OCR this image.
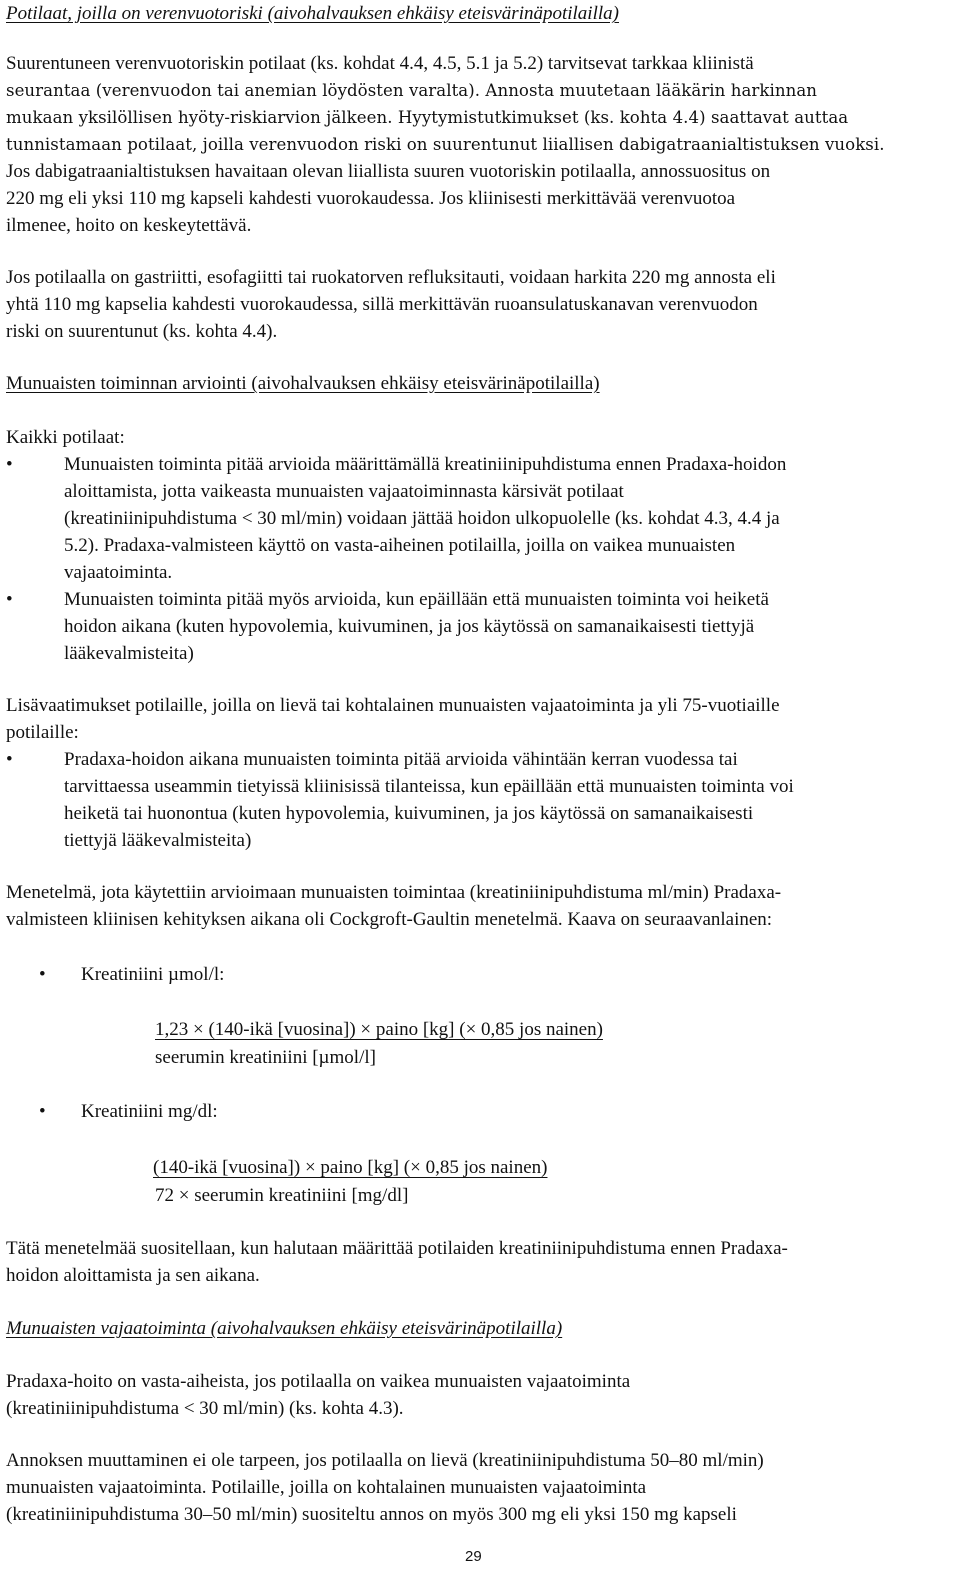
Potilaat, joilla on verenvuotoriski (aivohalvauksen ehkäisy eteisvärinäpotilailla)
Suurentuneen verenvuotoriskin potilaat (ks. kohdat 4.4, 4.5, 5.1 ja 5.2) tarvitsevat tarkkaa kliinistä
seurantaa (verenvuodon tai anemian löydösten varalta). Annosta muutetaan lääkärin harkinnan
mukaan yksilöllisen hyöty-riskiarvion jälkeen. Hyytymistutkimukset (ks. kohta 4.4) saattavat auttaa
tunnistamaan potilaat, joilla verenvuodon riski on suurentunut liiallisen dabigatraanialtistuksen vuoksi.
Jos dabigatraanialtistuksen havaitaan olevan liiallista suuren vuotoriskin potilaalla, annossuositus on
220 mg eli yksi 110 mg kapseli kahdesti vuorokaudessa. Jos kliinisesti merkittävää verenvuotoa
ilmenee, hoito on keskeytettävä.
Jos potilaalla on gastriitti, esofagiitti tai ruokatorven refluksitauti, voidaan harkita 220 mg annosta eli
yhtä 110 mg kapselia kahdesti vuorokaudessa, sillä merkittävän ruoansulatuskanavan verenvuodon
riski on suurentunut (ks. kohta 4.4).
Munuaisten toiminnan arviointi (aivohalvauksen ehkäisy eteisvärinäpotilailla)
Kaikki potilaat:
Munuaisten toiminta pitää arvioida määrittämällä kreatiniinipuhdistuma ennen Pradaxa-hoidon
aloittamista, jotta vaikeasta munuaisten vajaatoiminnasta kärsivät potilaat
(kreatiniinipuhdistuma < 30 ml/min) voidaan jättää hoidon ulkopuolelle (ks. kohdat 4.3, 4.4 ja
5.2). Pradaxa-valmisteen käyttö on vasta-aiheinen potilailla, joilla on vaikea munuaisten
vajaatoiminta.
Munuaisten toiminta pitää myös arvioida, kun epäillään että munuaisten toiminta voi heiketä
hoidon aikana (kuten hypovolemia, kuivuminen, ja jos käytössä on samanaikaisesti tiettyjä
lääkevalmisteita)
Lisävaatimukset potilaille, joilla on lievä tai kohtalainen munuaisten vajaatoiminta ja yli 75-vuotiaille
potilaille:
Pradaxa-hoidon aikana munuaisten toiminta pitää arvioida vähintään kerran vuodessa tai
tarvittaessa useammin tietyissä kliinisissä tilanteissa, kun epäillään että munuaisten toiminta voi
heiketä tai huonontua (kuten hypovolemia, kuivuminen, ja jos käytössä on samanaikaisesti
tiettyjä lääkevalmisteita)
Menetelmä, jota käytettiin arvioimaan munuaisten toimintaa (kreatiniinipuhdistuma ml/min) Pradaxa-
valmisteen kliinisen kehityksen aikana oli Cockgroft-Gaultin menetelmä. Kaava on seuraavanlainen:
Kreatiniini µmol/l:
1,23 × (140-ikä [vuosina]) × paino [kg] (× 0,85 jos nainen)
seerumin kreatiniini [µmol/l]
Kreatiniini mg/dl:
(140-ikä [vuosina]) × paino [kg] (× 0,85 jos nainen)
72 × seerumin kreatiniini [mg/dl]
Tätä menetelmää suositellaan, kun halutaan määrittää potilaiden kreatiniinipuhdistuma ennen Pradaxa-
hoidon aloittamista ja sen aikana.
Munuaisten vajaatoiminta (aivohalvauksen ehkäisy eteisvärinäpotilailla)
Pradaxa-hoito on vasta-aiheista, jos potilaalla on vaikea munuaisten vajaatoiminta
(kreatiniinipuhdistuma < 30 ml/min) (ks. kohta 4.3).
Annoksen muuttaminen ei ole tarpeen, jos potilaalla on lievä (kreatiniinipuhdistuma 50–80 ml/min)
munuaisten vajaatoiminta. Potilaille, joilla on kohtalainen munuaisten vajaatoiminta
(kreatiniinipuhdistuma 30–50 ml/min) suositeltu annos on myös 300 mg eli yksi 150 mg kapseli
29
